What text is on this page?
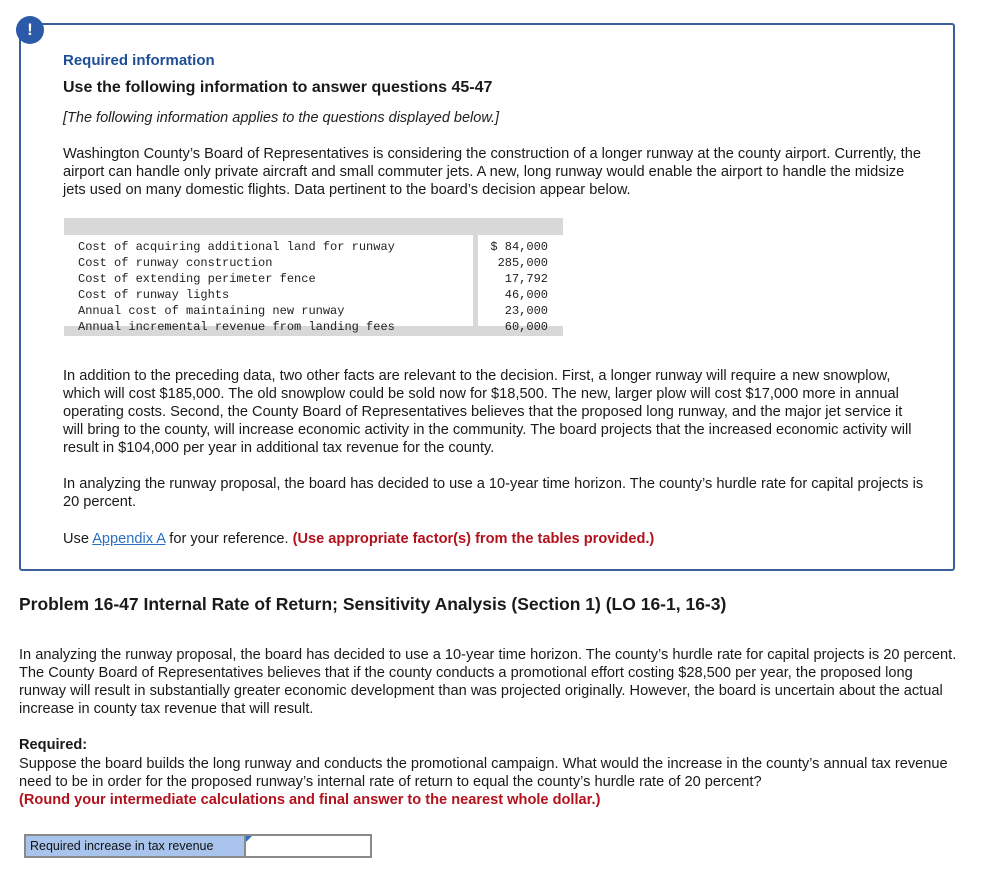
!
Required information
Use the following information to answer questions 45-47
[The following information applies to the questions displayed below.]

Washington County’s Board of Representatives is considering the construction of a longer runway at the county airport. Currently, the airport can handle only private aircraft and small commuter jets. A new, long runway would enable the airport to handle the midsize jets used on many domestic flights. Data pertinent to the board’s decision appear below.

Cost of acquiring additional land for runway	$ 84,000
Cost of runway construction	285,000
Cost of extending perimeter fence	17,792
Cost of runway lights	46,000
Annual cost of maintaining new runway	23,000
Annual incremental revenue from landing fees	60,000

In addition to the preceding data, two other facts are relevant to the decision. First, a longer runway will require a new snowplow, which will cost $185,000. The old snowplow could be sold now for $18,500. The new, larger plow will cost $17,000 more in annual operating costs. Second, the County Board of Representatives believes that the proposed long runway, and the major jet service it will bring to the county, will increase economic activity in the community. The board projects that the increased economic activity will result in $104,000 per year in additional tax revenue for the county.

In analyzing the runway proposal, the board has decided to use a 10-year time horizon. The county’s hurdle rate for capital projects is 20 percent.

Use Appendix A for your reference. (Use appropriate factor(s) from the tables provided.)

Problem 16-47 Internal Rate of Return; Sensitivity Analysis (Section 1) (LO 16-1, 16-3)

In analyzing the runway proposal, the board has decided to use a 10-year time horizon. The county’s hurdle rate for capital projects is 20 percent. The County Board of Representatives believes that if the county conducts a promotional effort costing $28,500 per year, the proposed long runway will result in substantially greater economic development than was projected originally. However, the board is uncertain about the actual increase in county tax revenue that will result.

Required:

Suppose the board builds the long runway and conducts the promotional campaign. What would the increase in the county’s annual tax revenue need to be in order for the proposed runway’s internal rate of return to equal the county’s hurdle rate of 20 percent?
(Round your intermediate calculations and final answer to the nearest whole dollar.)

Required increase in tax revenue
